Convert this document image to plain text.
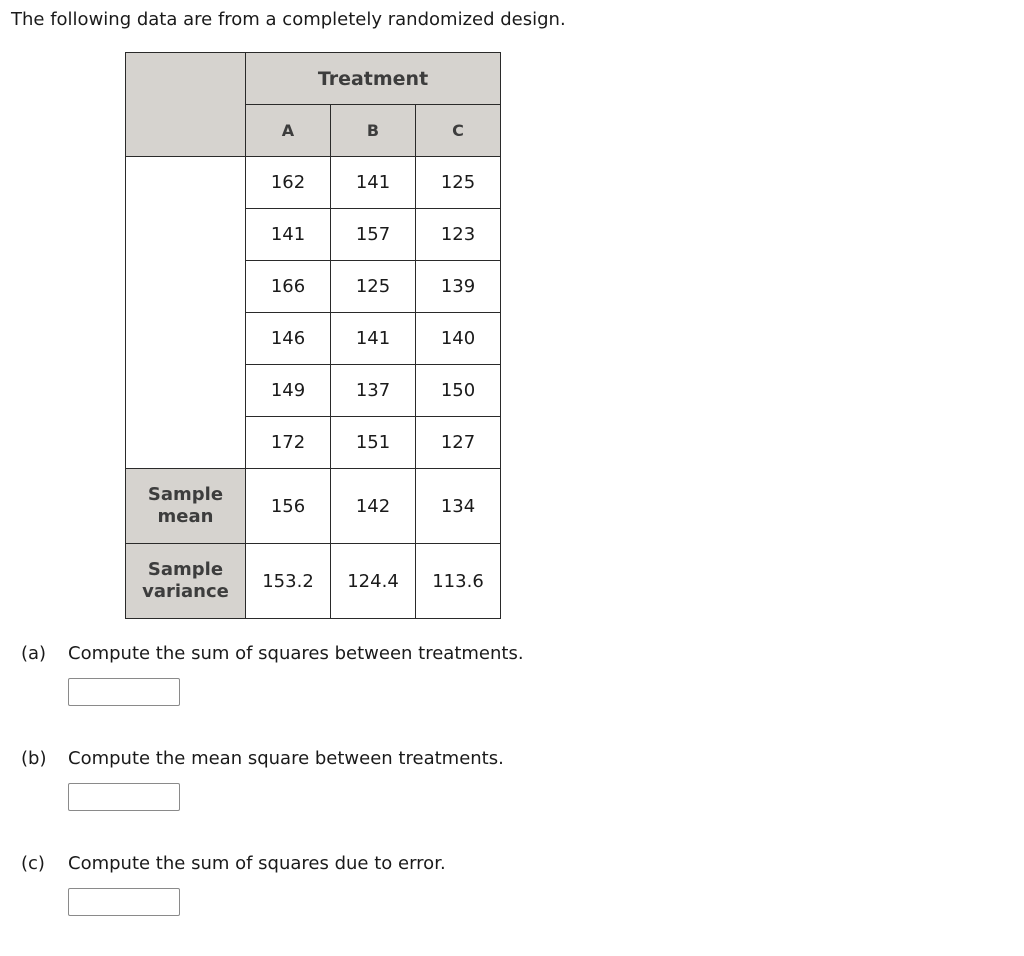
The following data are from a completely randomized design.
	Treatment		
	A	B	C
	162	141	125
	141	157	123
	166	125	139
	146	141	140
	149	137	150
	172	151	127
Sample
mean	156	142	134
Sample
variance	153.2	124.4	113.6
(a) Compute the sum of squares between treatments.
(b) Compute the mean square between treatments.
(c) Compute the sum of squares due to error.
